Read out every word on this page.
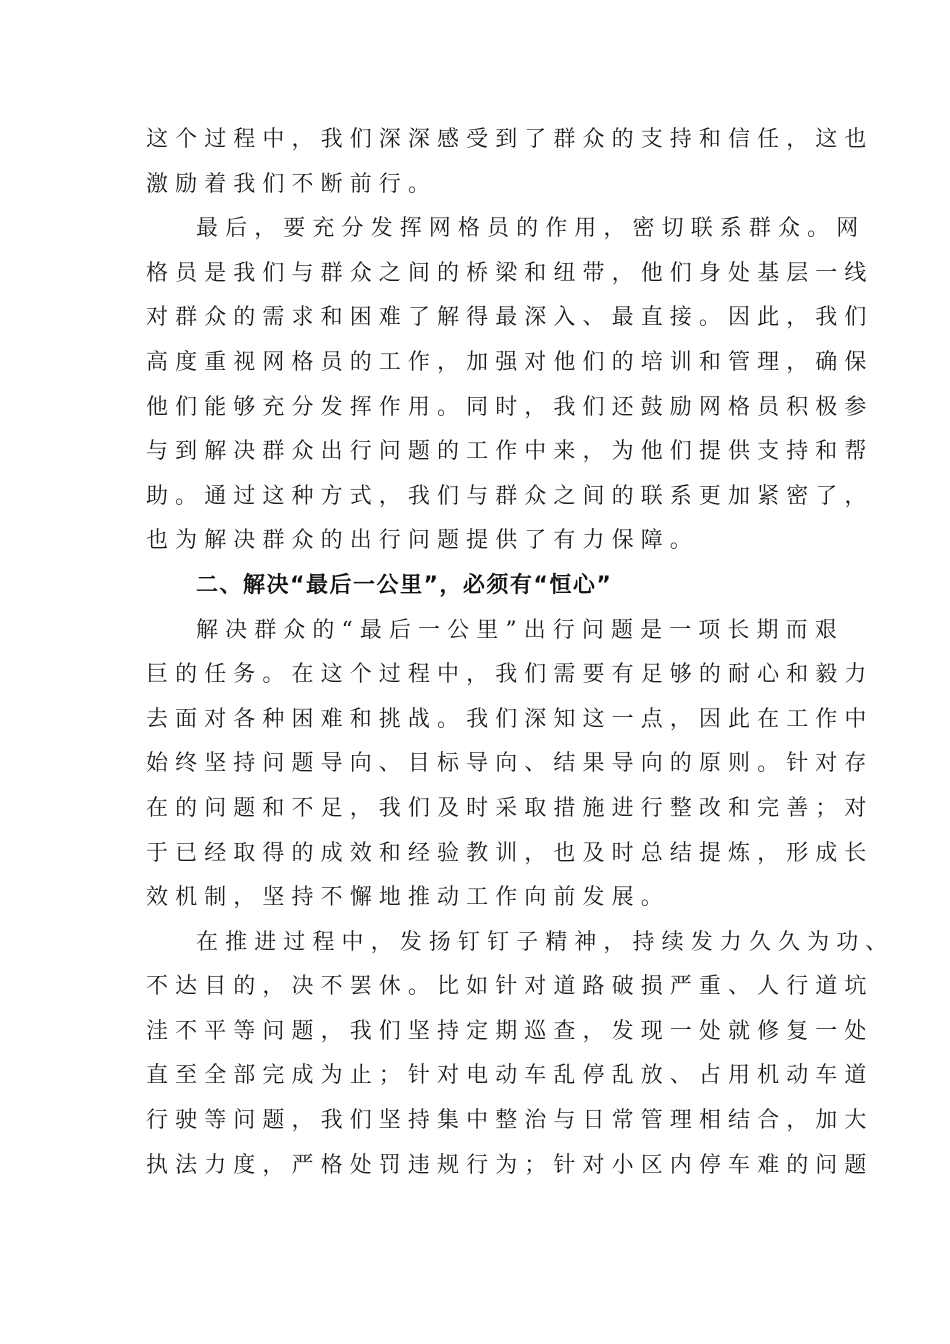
这个过程中，我们深深感受到了群众的支持和信任，这也
激励着我们不断前行。
最后，要充分发挥网格员的作用，密切联系群众。网
格员是我们与群众之间的桥梁和纽带，他们身处基层一线
对群众的需求和困难了解得最深入、最直接。因此，我们
高度重视网格员的工作，加强对他们的培训和管理，确保
他们能够充分发挥作用。同时，我们还鼓励网格员积极参
与到解决群众出行问题的工作中来，为他们提供支持和帮
助。通过这种方式，我们与群众之间的联系更加紧密了，
也为解决群众的出行问题提供了有力保障。
二、解决“最后一公里”，必须有“恒心”
解决群众的“最后一公里”出行问题是一项长期而艰
巨的任务。在这个过程中，我们需要有足够的耐心和毅力
去面对各种困难和挑战。我们深知这一点，因此在工作中
始终坚持问题导向、目标导向、结果导向的原则。针对存
在的问题和不足，我们及时采取措施进行整改和完善；对
于已经取得的成效和经验教训，也及时总结提炼，形成长
效机制，坚持不懈地推动工作向前发展。
在推进过程中，发扬钉钉子精神，持续发力久久为功、
不达目的，决不罢休。比如针对道路破损严重、人行道坑
洼不平等问题，我们坚持定期巡查，发现一处就修复一处
直至全部完成为止；针对电动车乱停乱放、占用机动车道
行驶等问题，我们坚持集中整治与日常管理相结合，加大
执法力度，严格处罚违规行为；针对小区内停车难的问题
